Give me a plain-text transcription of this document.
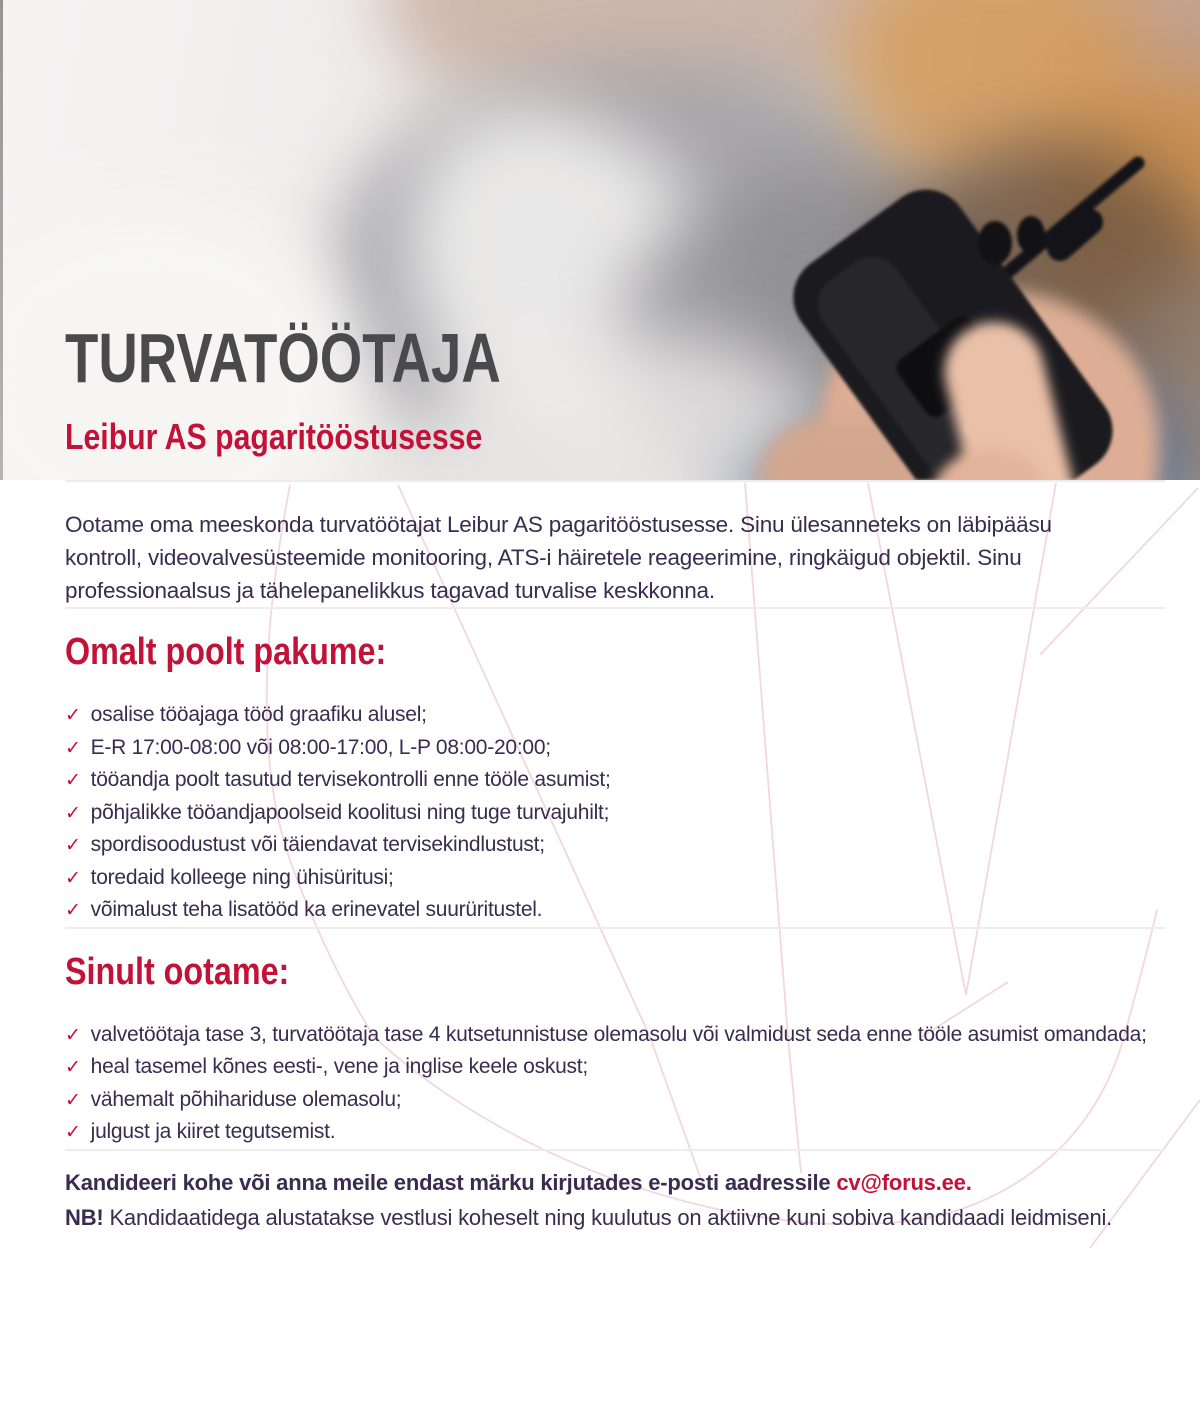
TURVATÖÖTAJA
Leibur AS pagaritööstusesse

Ootame oma meeskonda turvatöötajat Leibur AS pagaritööstusesse. Sinu ülesanneteks on läbipääsu
kontroll, videovalvesüsteemide monitooring, ATS-i häiretele reageerimine, ringkäigud objektil. Sinu
professionaalsus ja tähelepanelikkus tagavad turvalise keskkonna.

Omalt poolt pakume:
✓ osalise tööajaga tööd graafiku alusel;
✓ E-R 17:00-08:00 või 08:00-17:00, L-P 08:00-20:00;
✓ tööandja poolt tasutud tervisekontrolli enne tööle asumist;
✓ põhjalikke tööandjapoolseid koolitusi ning tuge turvajuhilt;
✓ spordisoodustust või täiendavat tervisekindlustust;
✓ toredaid kolleege ning ühisüritusi;
✓ võimalust teha lisatööd ka erinevatel suurüritustel.
Sinult ootame:
✓ valvetöötaja tase 3, turvatöötaja tase 4 kutsetunnistuse olemasolu või valmidust seda enne tööle asumist omandada;
✓ heal tasemel kõnes eesti-, vene ja inglise keele oskust;
✓ vähemalt põhihariduse olemasolu;
✓ julgust ja kiiret tegutsemist.

Kandideeri kohe või anna meile endast märku kirjutades e-posti aadressile cv@forus.ee.

NB! Kandidaatidega alustatakse vestlusi koheselt ning kuulutus on aktiivne kuni sobiva kandidaadi leidmiseni.
